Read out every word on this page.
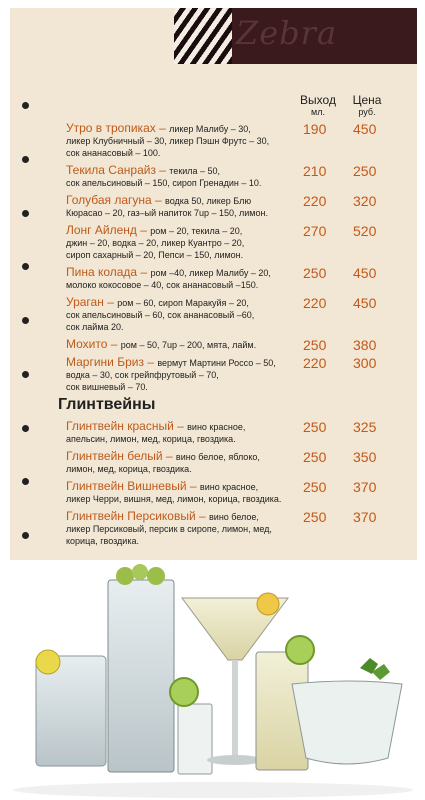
Zebra
Выход
мл.
Цена
руб.
Утро в тропиках – ликер Малибу – 30,
ликер Клубничный – 30, ликер Пэшн Фрутс – 30,
сок ананасовый – 100.
190 450
Текила Санрайз – текила – 50,
сок апельсиновый – 150, сироп Гренадин – 10.
210 250
Голубая лагуна – водка 50, ликер Блю
Кюрасао – 20, газ–ый напиток 7up – 150, лимон.
220 320
Лонг Айленд – ром – 20, текила – 20,
джин – 20, водка – 20, ликер Куантро – 20,
сироп сахарный – 20, Пепси – 150, лимон.
270 520
Пина колада – ром –40, ликер Малибу – 20,
молоко кокосовое – 40, сок ананасовый –150.
250 450
Ураган – ром – 60, сироп Маракуйя – 20,
сок апельсиновый – 60, сок ананасовый –60,
сок лайма 20.
220 450
Мохито – ром – 50, 7up – 200, мята, лайм.	250 380
Маргини Бриз – вермут Мартини Россо – 50,
водка – 30, сок грейпфрутовый – 70,
сок вишневый – 70.
220 300
Глинтвейн красный – вино красное,
апельсин, лимон, мед, корица, гвоздика.
250 325
Глинтвейн белый – вино белое, яблоко,
лимон, мед, корица, гвоздика.
250 350
Глинтвейн Вишневый – вино красное,
ликер Черри, вишня, мед, лимон, корица, гвоздика.
250 370
Глинтвейн Персиковый – вино белое,
ликер Персиковый, персик в сиропе, лимон, мед,
корица, гвоздика.
250 370
Глинтвейны
